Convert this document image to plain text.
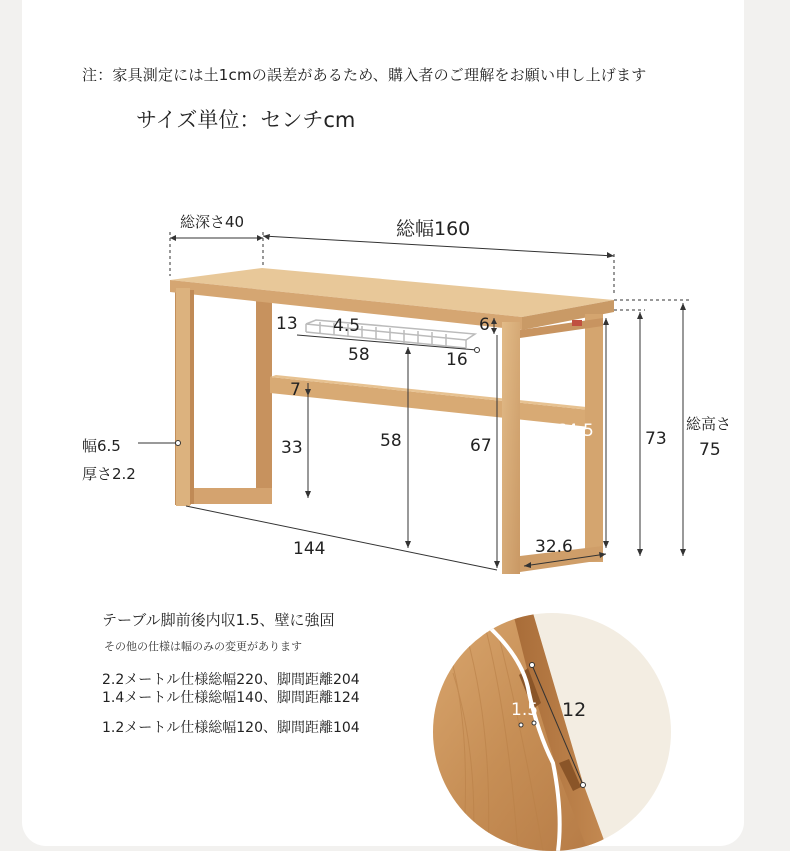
注：家具測定には土1cmの誤差があるため、購入者のご理解をお願い申し上げます
サイズ単位：センチcm
総深さ40	総幅160
13 4.5
58	16
6
7
33	58	67
64.5	73
総高さ
75
幅6.5
厚さ2.2
144	32.6
テーブル脚前後内収1.5、壁に強固
その他の仕様は幅のみの変更があります
2.2メートル仕様総幅220、脚間距離204
1.4メートル仕様総幅140、脚間距離124
1.2メートル仕様総幅120、脚間距離104
1.5 12
